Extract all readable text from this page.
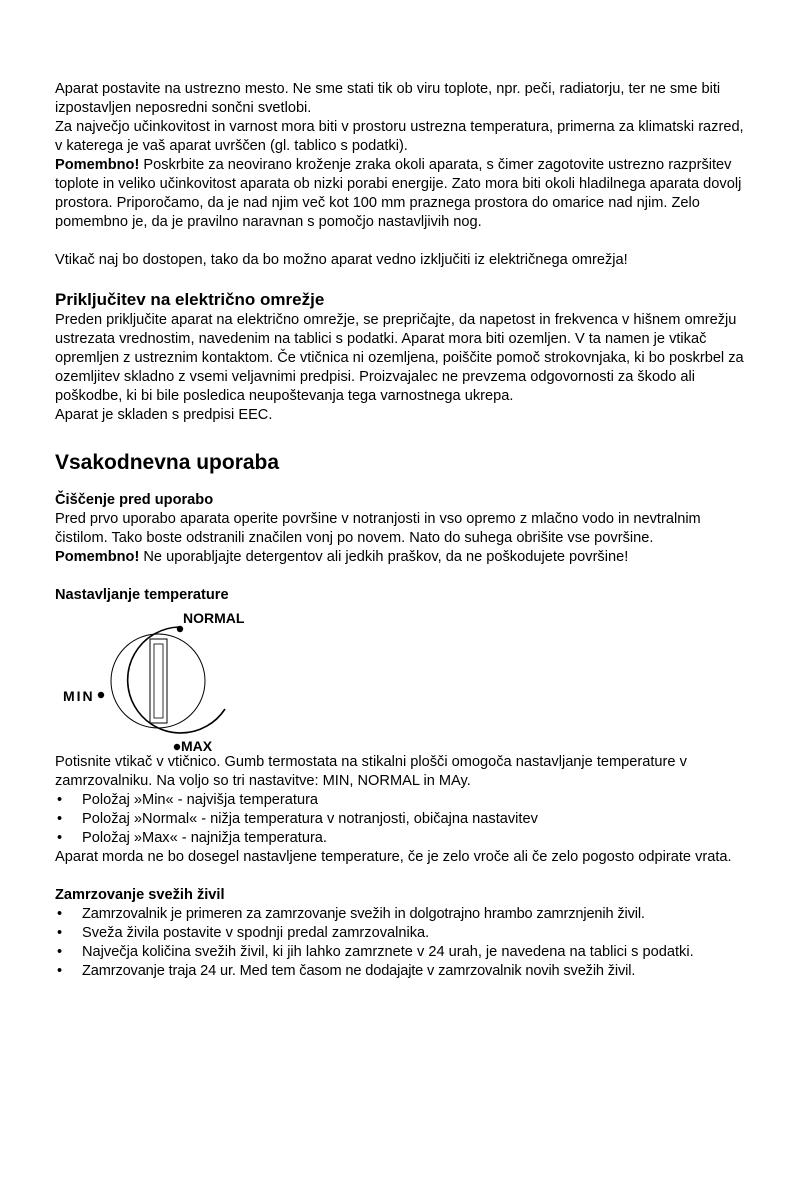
Aparat postavite na ustrezno mesto. Ne sme stati tik ob viru toplote, npr. peči, radiatorju, ter ne sme biti izpostavljen neposredni sončni svetlobi.

Za največjo učinkovitost in varnost mora biti v prostoru ustrezna temperatura, primerna za klimatski razred, v katerega je vaš aparat uvrščen (gl. tablico s podatki).

Pomembno! Poskrbite za neovirano kroženje zraka okoli aparata, s čimer zagotovite ustrezno razpršitev toplote in veliko učinkovitost aparata ob nizki porabi energije. Zato mora biti okoli hladilnega aparata dovolj prostora. Priporočamo, da je nad njim več kot 100 mm praznega prostora do omarice nad njim. Zelo pomembno je, da je pravilno naravnan s pomočjo nastavljivih nog.

Vtikač naj bo dostopen, tako da bo možno aparat vedno izključiti iz električnega omrežja!

Priključitev na električno omrežje

Preden priključite aparat na električno omrežje, se prepričajte, da napetost in frekvenca v hišnem omrežju ustrezata vrednostim, navedenim na tablici s podatki. Aparat mora biti ozemljen. V ta namen je vtikač opremljen z ustreznim kontaktom. Če vtičnica ni ozemljena, poiščite pomoč strokovnjaka, ki bo poskrbel za ozemljitev skladno z vsemi veljavnimi predpisi. Proizvajalec ne prevzema odgovornosti za škodo ali poškodbe, ki bi bile posledica neupoštevanja tega varnostnega ukrepa.

Aparat je skladen s predpisi EEC.

Vsakodnevna uporaba
Čiščenje pred uporabo

Pred prvo uporabo aparata operite površine v notranjosti in vso opremo z mlačno vodo in nevtralnim čistilom. Tako boste odstranili značilen vonj po novem. Nato do suhega obrišite vse površine.

Pomembno! Ne uporabljajte detergentov ali jedkih praškov, da ne poškodujete površine!

Nastavljanje temperature
NORMAL
MIN
MAX

Potisnite vtikač v vtičnico. Gumb termostata na stikalni plošči omogoča nastavljanje temperature v zamrzovalniku. Na voljo so tri nastavitve: MIN, NORMAL in MAy.

• Položaj »Min« - najvišja temperatura
• Položaj »Normal« - nižja temperatura v notranjosti, običajna nastavitev
• Položaj »Max« - najnižja temperatura.

Aparat morda ne bo dosegel nastavljene temperature, če je zelo vroče ali če zelo pogosto odpirate vrata.

Zamrzovanje svežih živil
• Zamrzovalnik je primeren za zamrzovanje svežih in dolgotrajno hrambo zamrznjenih živil.
• Sveža živila postavite v spodnji predal zamrzovalnika.
• Največja količina svežih živil, ki jih lahko zamrznete v 24 urah, je navedena na tablici s podatki.
• Zamrzovanje traja 24 ur. Med tem časom ne dodajajte v zamrzovalnik novih svežih živil.
